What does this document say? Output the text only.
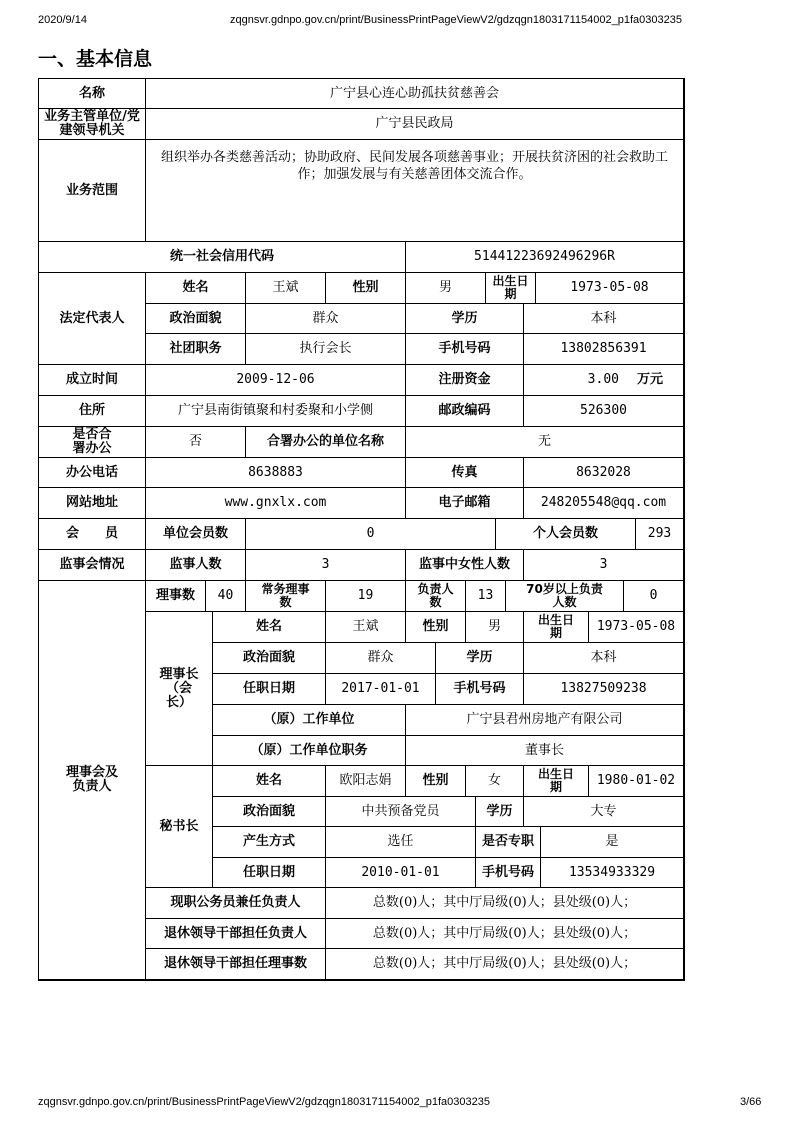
2020/9/14	zqgnsvr.gdnpo.gov.cn/print/BusinessPrintPageViewV2/gdzqgn1803171154002_p1fa0303235
一、基本信息
名称	广宁县心连心助孤扶贫慈善会
业务主管单位/党建领导机关	广宁县民政局
业务范围
组织举办各类慈善活动；协助政府、民间发展各项慈善事业；开展扶贫济困的社会救助工作；加强发展与有关慈善团体交流合作。
统一社会信用代码	51441223692496296R
法定代表人
姓名	王斌	性别	男	出生日期	1973-05-08
政治面貌	群众	学历	本科
社团职务	执行会长	手机号码	13802856391
成立时间	2009-12-06	注册资金	3.00 万元
住所	广宁县南街镇聚和村委聚和小学侧	邮政编码	526300
是否合署办公	否	合署办公的单位名称	无
办公电话	8638883	传真	8632028
网站地址	www.gnxlx.com	电子邮箱	248205548@qq.com
会　　员	单位会员数	0	个人会员数	293
监事会情况	监事人数	3	监事中女性人数	3
理事会及负责人
理事数	40	常务理事数	19	负责人数	13	70岁以上负责人数	0
理事长（会长）
姓名	王斌	性别	男	出生日期	1973-05-08
政治面貌	群众	学历	本科
任职日期	2017-01-01	手机号码	13827509238
（原）工作单位	广宁县君州房地产有限公司
（原）工作单位职务	董事长
秘书长
姓名	欧阳志娟	性别	女	出生日期	1980-01-02
政治面貌	中共预备党员	学历	大专
产生方式	选任	是否专职	是
任职日期	2010-01-01	手机号码	13534933329
现职公务员兼任负责人	总数(0)人；其中厅局级(0)人；县处级(0)人；
退休领导干部担任负责人	总数(0)人；其中厅局级(0)人；县处级(0)人；
退休领导干部担任理事数	总数(0)人；其中厅局级(0)人；县处级(0)人；
zqgnsvr.gdnpo.gov.cn/print/BusinessPrintPageViewV2/gdzqgn1803171154002_p1fa0303235	3/66
